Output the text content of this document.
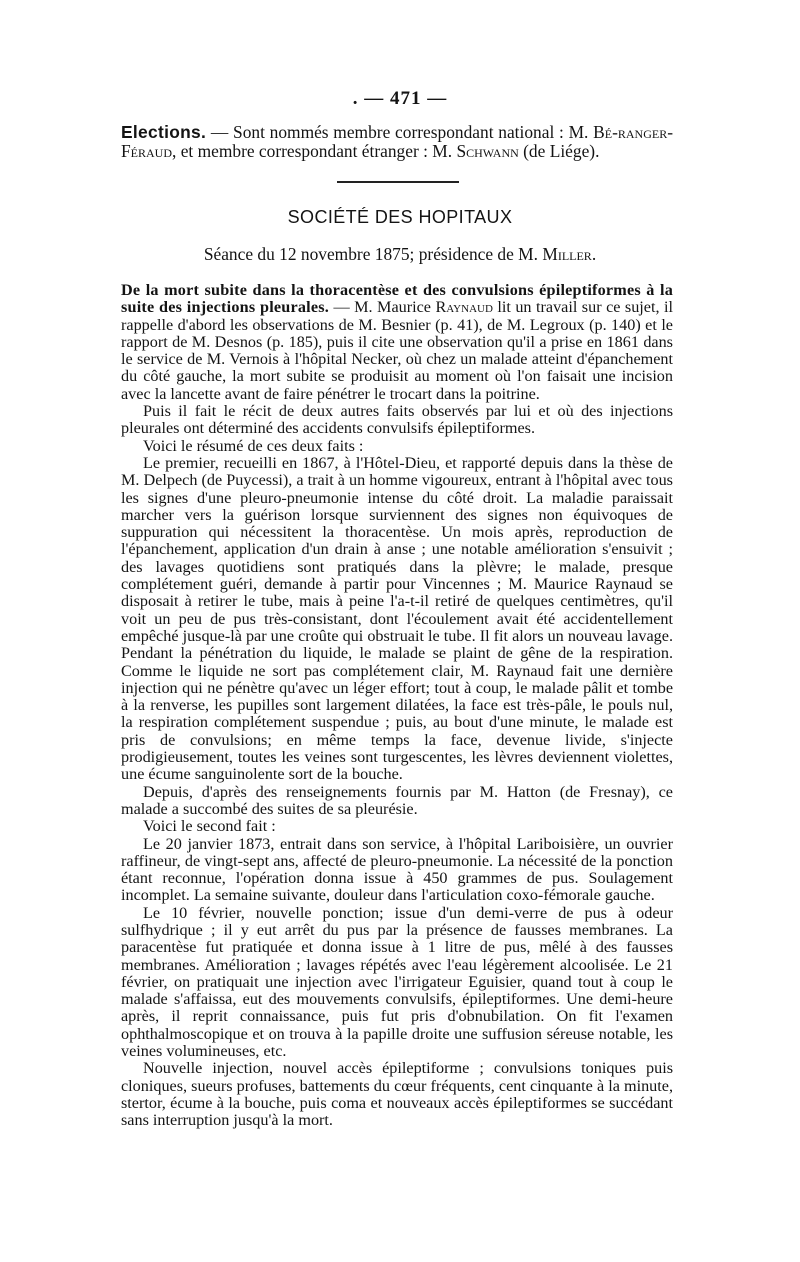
. — 471 —

Elections. — Sont nommés membre correspondant national : M. Bé-ranger-Féraud, et membre correspondant étranger : M. Schwann (de Liége).

SOCIÉTÉ DES HOPITAUX
Séance du 12 novembre 1875; présidence de M. Miller.

De la mort subite dans la thoracentèse et des convulsions épileptiformes à la suite des injections pleurales. — M. Maurice Raynaud lit un travail sur ce sujet, il rappelle d'abord les observations de M. Besnier (p. 41), de M. Legroux (p. 140) et le rapport de M. Desnos (p. 185), puis il cite une observation qu'il a prise en 1861 dans le service de M. Vernois à l'hôpital Necker, où chez un malade atteint d'épanchement du côté gauche, la mort subite se produisit au moment où l'on faisait une incision avec la lancette avant de faire pénétrer le trocart dans la poitrine.

Puis il fait le récit de deux autres faits observés par lui et où des injections pleurales ont déterminé des accidents convulsifs épileptiformes.

Voici le résumé de ces deux faits :

Le premier, recueilli en 1867, à l'Hôtel-Dieu, et rapporté depuis dans la thèse de M. Delpech (de Puycessi), a trait à un homme vigoureux, entrant à l'hôpital avec tous les signes d'une pleuro-pneumonie intense du côté droit. La maladie paraissait marcher vers la guérison lorsque surviennent des signes non équivoques de suppuration qui nécessitent la thoracentèse. Un mois après, reproduction de l'épanchement, application d'un drain à anse ; une notable amélioration s'ensuivit ; des lavages quotidiens sont pratiqués dans la plèvre; le malade, presque complétement guéri, demande à partir pour Vincennes ; M. Maurice Raynaud se disposait à retirer le tube, mais à peine l'a-t-il retiré de quelques centimètres, qu'il voit un peu de pus très-consistant, dont l'écoulement avait été accidentellement empêché jusque-là par une croûte qui obstruait le tube. Il fit alors un nouveau lavage. Pendant la pénétration du liquide, le malade se plaint de gêne de la respiration. Comme le liquide ne sort pas complétement clair, M. Raynaud fait une dernière injection qui ne pénètre qu'avec un léger effort; tout à coup, le malade pâlit et tombe à la renverse, les pupilles sont largement dilatées, la face est très-pâle, le pouls nul, la respiration complétement suspendue ; puis, au bout d'une minute, le malade est pris de convulsions; en même temps la face, devenue livide, s'injecte prodigieusement, toutes les veines sont turgescentes, les lèvres deviennent violettes, une écume sanguinolente sort de la bouche.

Depuis, d'après des renseignements fournis par M. Hatton (de Fresnay), ce malade a succombé des suites de sa pleurésie.

Voici le second fait :

Le 20 janvier 1873, entrait dans son service, à l'hôpital Lariboisière, un ouvrier raffineur, de vingt-sept ans, affecté de pleuro-pneumonie. La nécessité de la ponction étant reconnue, l'opération donna issue à 450 grammes de pus. Soulagement incomplet. La semaine suivante, douleur dans l'articulation coxo-fémorale gauche.

Le 10 février, nouvelle ponction; issue d'un demi-verre de pus à odeur sulfhydrique ; il y eut arrêt du pus par la présence de fausses membranes. La paracentèse fut pratiquée et donna issue à 1 litre de pus, mêlé à des fausses membranes. Amélioration ; lavages répétés avec l'eau légèrement alcoolisée. Le 21 février, on pratiquait une injection avec l'irrigateur Eguisier, quand tout à coup le malade s'affaissa, eut des mouvements convulsifs, épileptiformes. Une demi-heure après, il reprit connaissance, puis fut pris d'obnubilation. On fit l'examen ophthalmoscopique et on trouva à la papille droite une suffusion séreuse notable, les veines volumineuses, etc.

Nouvelle injection, nouvel accès épileptiforme ; convulsions toniques puis cloniques, sueurs profuses, battements du cœur fréquents, cent cinquante à la minute, stertor, écume à la bouche, puis coma et nouveaux accès épileptiformes se succédant sans interruption jusqu'à la mort.
